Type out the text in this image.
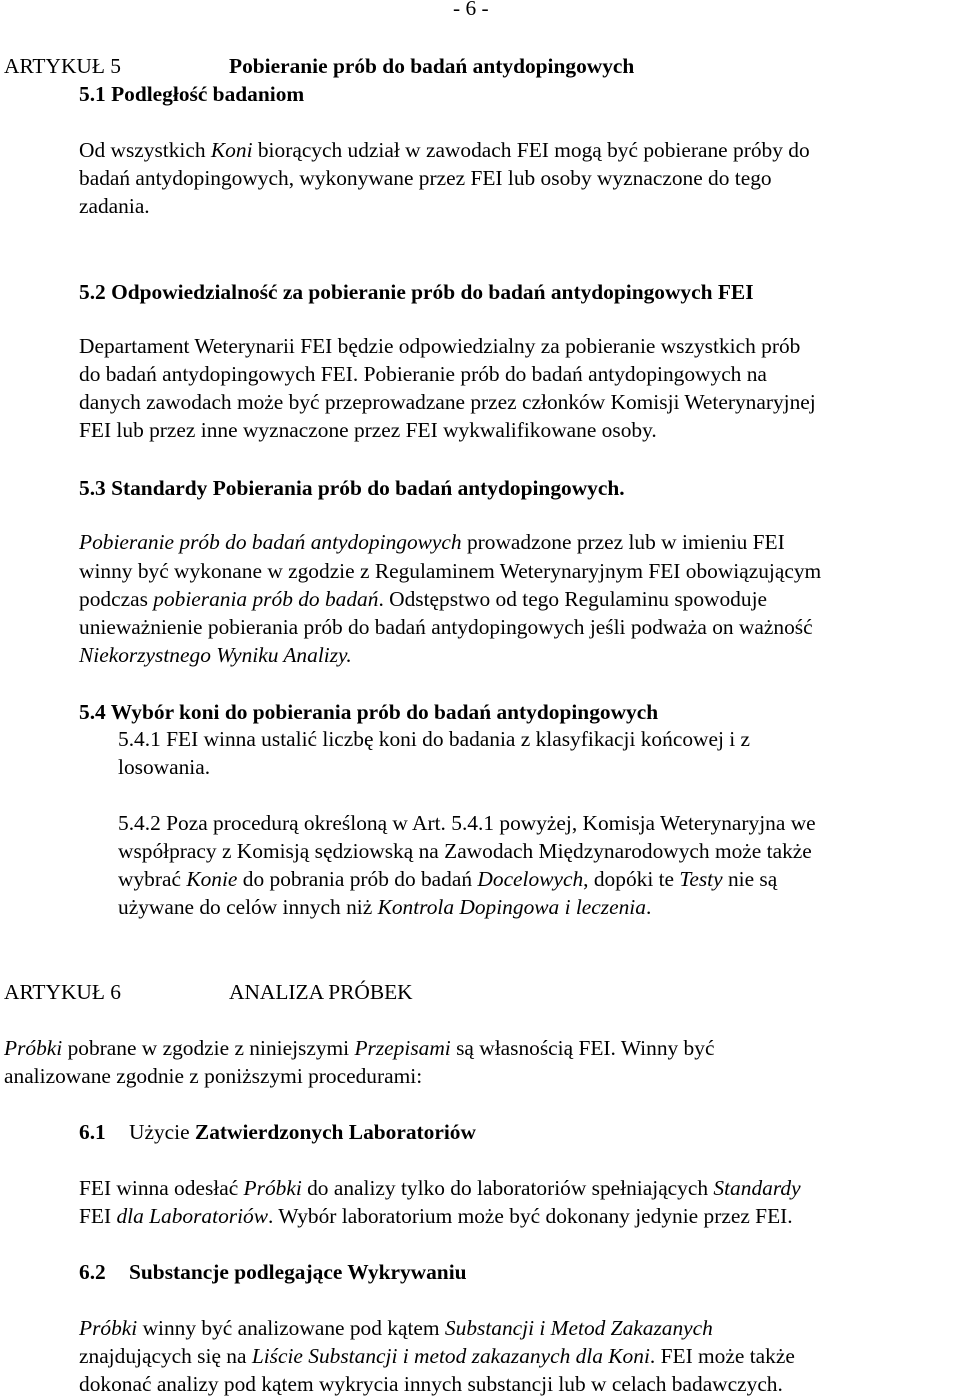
- 6 -
ARTYKUŁ 5	Pobieranie prób do badań antydopingowych
5.1 Podległość badaniom
Od wszystkich Koni biorących udział w zawodach FEI mogą być pobierane próby do
badań antydopingowych, wykonywane przez FEI lub osoby wyznaczone do tego
zadania.
5.2 Odpowiedzialność za pobieranie prób do badań antydopingowych FEI
Departament Weterynarii FEI będzie odpowiedzialny za pobieranie wszystkich prób
do badań antydopingowych FEI. Pobieranie prób do badań antydopingowych na
danych zawodach może być przeprowadzane przez członków Komisji Weterynaryjnej
FEI lub przez inne wyznaczone przez FEI wykwalifikowane osoby.
5.3 Standardy Pobierania prób do badań antydopingowych.
Pobieranie prób do badań antydopingowych prowadzone przez lub w imieniu FEI
winny być wykonane w zgodzie z Regulaminem Weterynaryjnym FEI obowiązującym
podczas pobierania prób do badań. Odstępstwo od tego Regulaminu spowoduje
unieważnienie pobierania prób do badań antydopingowych jeśli podważa on ważność
Niekorzystnego Wyniku Analizy.
5.4 Wybór koni do pobierania prób do badań antydopingowych
5.4.1 FEI winna ustalić liczbę koni do badania z klasyfikacji końcowej i z
losowania.
5.4.2 Poza procedurą określoną w Art. 5.4.1 powyżej, Komisja Weterynaryjna we
współpracy z Komisją sędziowską na Zawodach Międzynarodowych może także
wybrać Konie do pobrania prób do badań Docelowych, dopóki te Testy nie są
używane do celów innych niż Kontrola Dopingowa i leczenia.
ARTYKUŁ 6	ANALIZA PRÓBEK
Próbki pobrane w zgodzie z niniejszymi Przepisami są własnością FEI. Winny być
analizowane zgodnie z poniższymi procedurami:
6.1 Użycie Zatwierdzonych Laboratoriów
FEI winna odesłać Próbki do analizy tylko do laboratoriów spełniających Standardy
FEI dla Laboratoriów. Wybór laboratorium może być dokonany jedynie przez FEI.
6.2 Substancje podlegające Wykrywaniu
Próbki winny być analizowane pod kątem Substancji i Metod Zakazanych
znajdujących się na Liście Substancji i metod zakazanych dla Koni. FEI może także
dokonać analizy pod kątem wykrycia innych substancji lub w celach badawczych.
